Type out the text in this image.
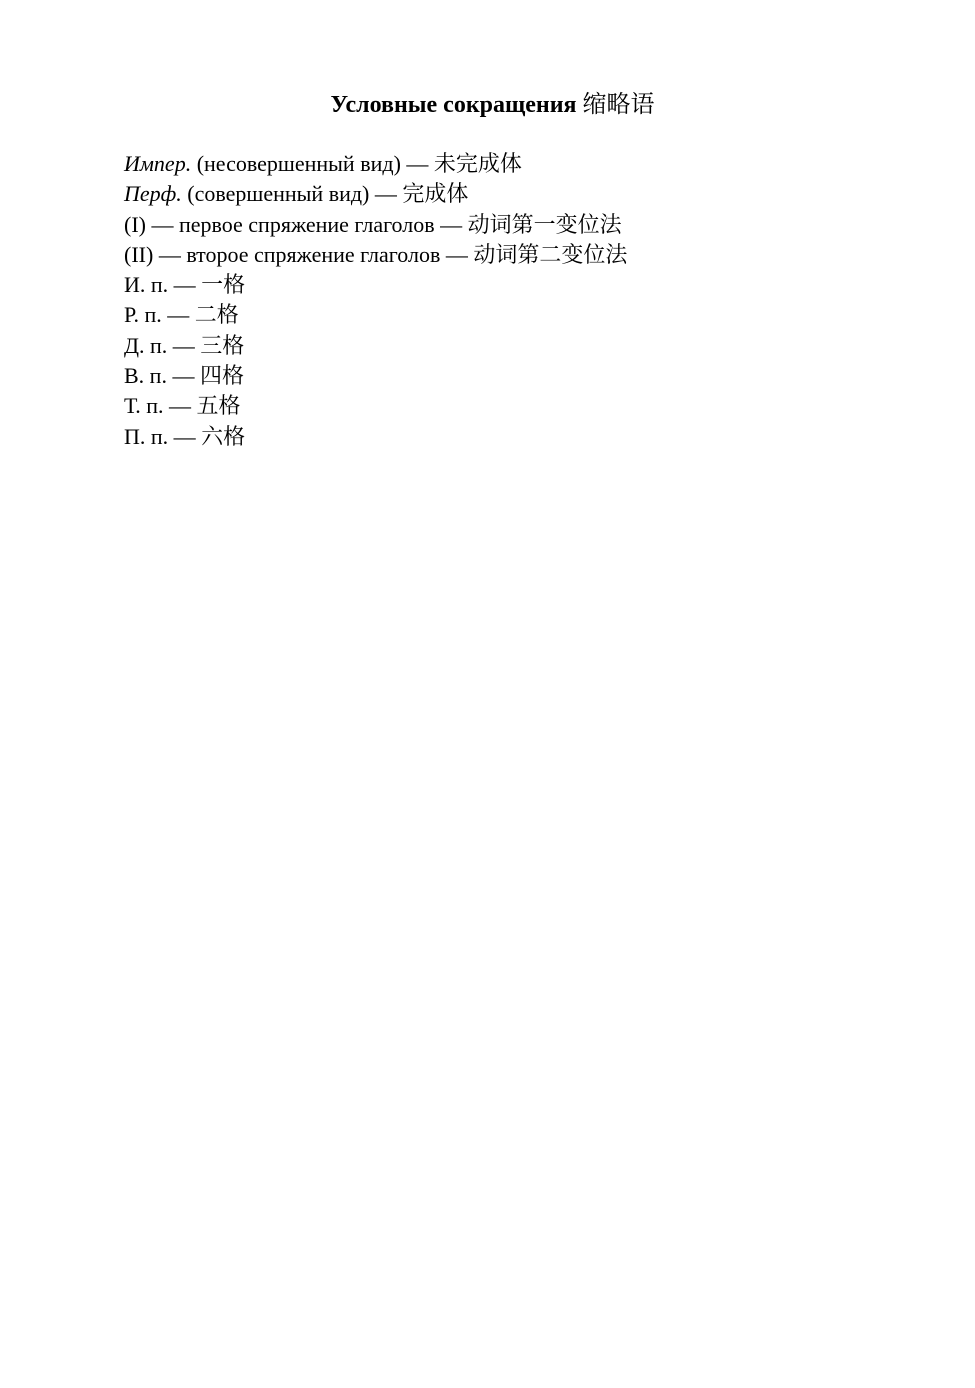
Условные сокращения 缩略语
Импер. (несовершенный вид) — 未完成体
Перф. (совершенный вид) — 完成体
(I) — первое спряжение глаголов — 动词第一变位法
(II) — второе спряжение глаголов — 动词第二变位法
И. п. — 一格
Р. п. — 二格
Д. п. — 三格
В. п. — 四格
Т. п. — 五格
П. п. — 六格
